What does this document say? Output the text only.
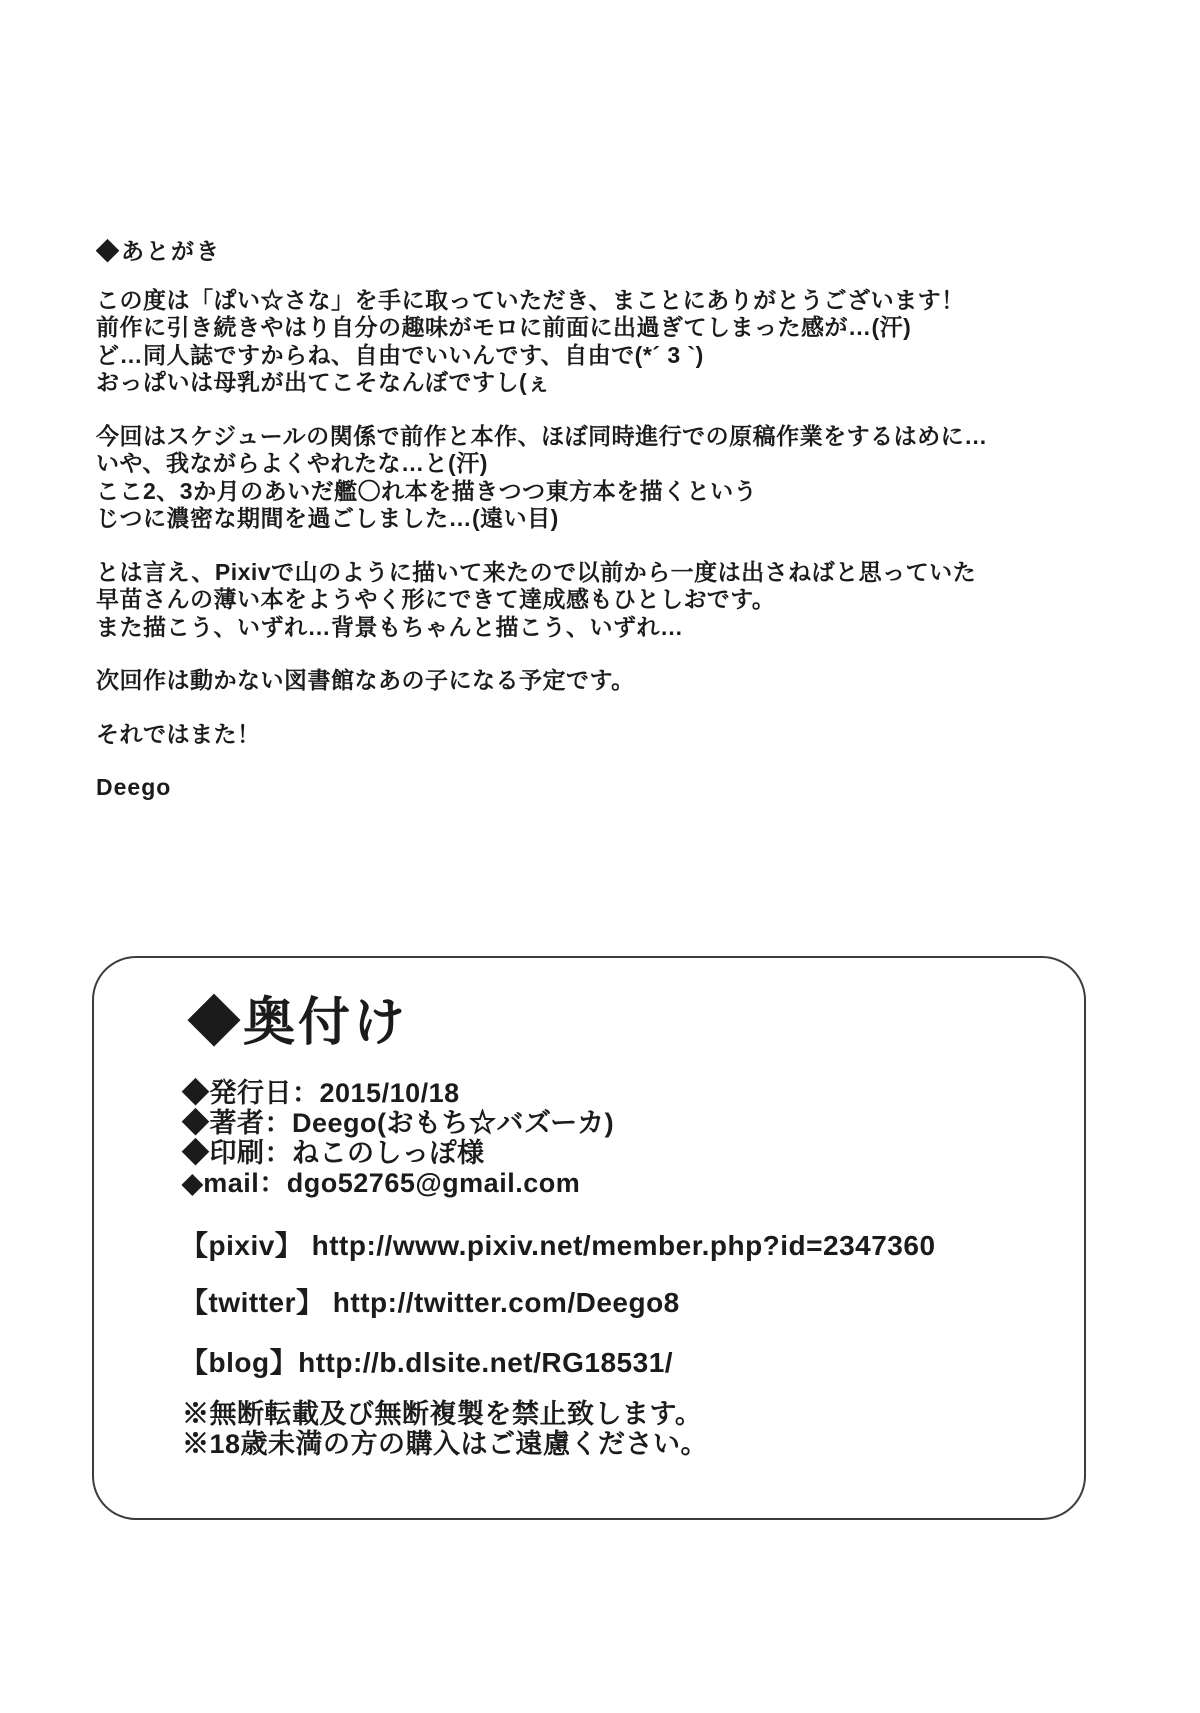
◆あとがき
この度は「ぱい☆さな」を手に取っていただき、まことにありがとうございます！
前作に引き続きやはり自分の趣味がモロに前面に出過ぎてしまった感が…(汗)
ど…同人誌ですからね、自由でいいんです、自由で(*´ 3 `)
おっぱいは母乳が出てこそなんぼですし(ぇ
今回はスケジュールの関係で前作と本作、ほぼ同時進行での原稿作業をするはめに…
いや、我ながらよくやれたな…と(汗)
ここ2、3か月のあいだ艦〇れ本を描きつつ東方本を描くという
じつに濃密な期間を過ごしました…(遠い目)
とは言え、Pixivで山のように描いて来たので以前から一度は出さねばと思っていた
早苗さんの薄い本をようやく形にできて達成感もひとしおです。
また描こう、いずれ…背景もちゃんと描こう、いずれ…
次回作は動かない図書館なあの子になる予定です。
それではまた！
Deego
◆奥付け
◆発行日：2015/10/18
◆著者：Deego(おもち☆バズーカ)
◆印刷：ねこのしっぽ様
◆mail：dgo52765@gmail.com
【pixiv】 http://www.pixiv.net/member.php?id=2347360
【twitter】 http://twitter.com/Deego8
【blog】http://b.dlsite.net/RG18531/
※無断転載及び無断複製を禁止致します。
※18歳未満の方の購入はご遠慮ください。
